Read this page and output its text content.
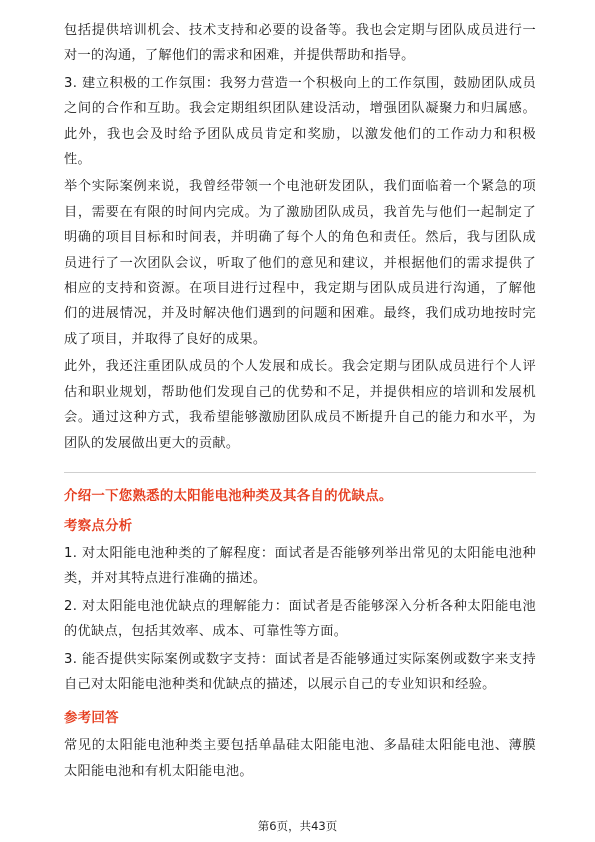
包括提供培训机会、技术支持和必要的设备等。我也会定期与团队成员进行一对一的沟通，了解他们的需求和困难，并提供帮助和指导。

3. 建立积极的工作氛围：我努力营造一个积极向上的工作氛围，鼓励团队成员之间的合作和互助。我会定期组织团队建设活动，增强团队凝聚力和归属感。此外，我也会及时给予团队成员肯定和奖励，以激发他们的工作动力和积极性。

举个实际案例来说，我曾经带领一个电池研发团队，我们面临着一个紧急的项目，需要在有限的时间内完成。为了激励团队成员，我首先与他们一起制定了明确的项目目标和时间表，并明确了每个人的角色和责任。然后，我与团队成员进行了一次团队会议，听取了他们的意见和建议，并根据他们的需求提供了相应的支持和资源。在项目进行过程中，我定期与团队成员进行沟通，了解他们的进展情况，并及时解决他们遇到的问题和困难。最终，我们成功地按时完成了项目，并取得了良好的成果。

此外，我还注重团队成员的个人发展和成长。我会定期与团队成员进行个人评估和职业规划，帮助他们发现自己的优势和不足，并提供相应的培训和发展机会。通过这种方式，我希望能够激励团队成员不断提升自己的能力和水平，为团队的发展做出更大的贡献。

介绍一下您熟悉的太阳能电池种类及其各自的优缺点。
考察点分析

1. 对太阳能电池种类的了解程度：面试者是否能够列举出常见的太阳能电池种类，并对其特点进行准确的描述。

2. 对太阳能电池优缺点的理解能力：面试者是否能够深入分析各种太阳能电池的优缺点，包括其效率、成本、可靠性等方面。

3. 能否提供实际案例或数字支持：面试者是否能够通过实际案例或数字来支持自己对太阳能电池种类和优缺点的描述，以展示自己的专业知识和经验。

参考回答

常见的太阳能电池种类主要包括单晶硅太阳能电池、多晶硅太阳能电池、薄膜太阳能电池和有机太阳能电池。

第6页，共43页
